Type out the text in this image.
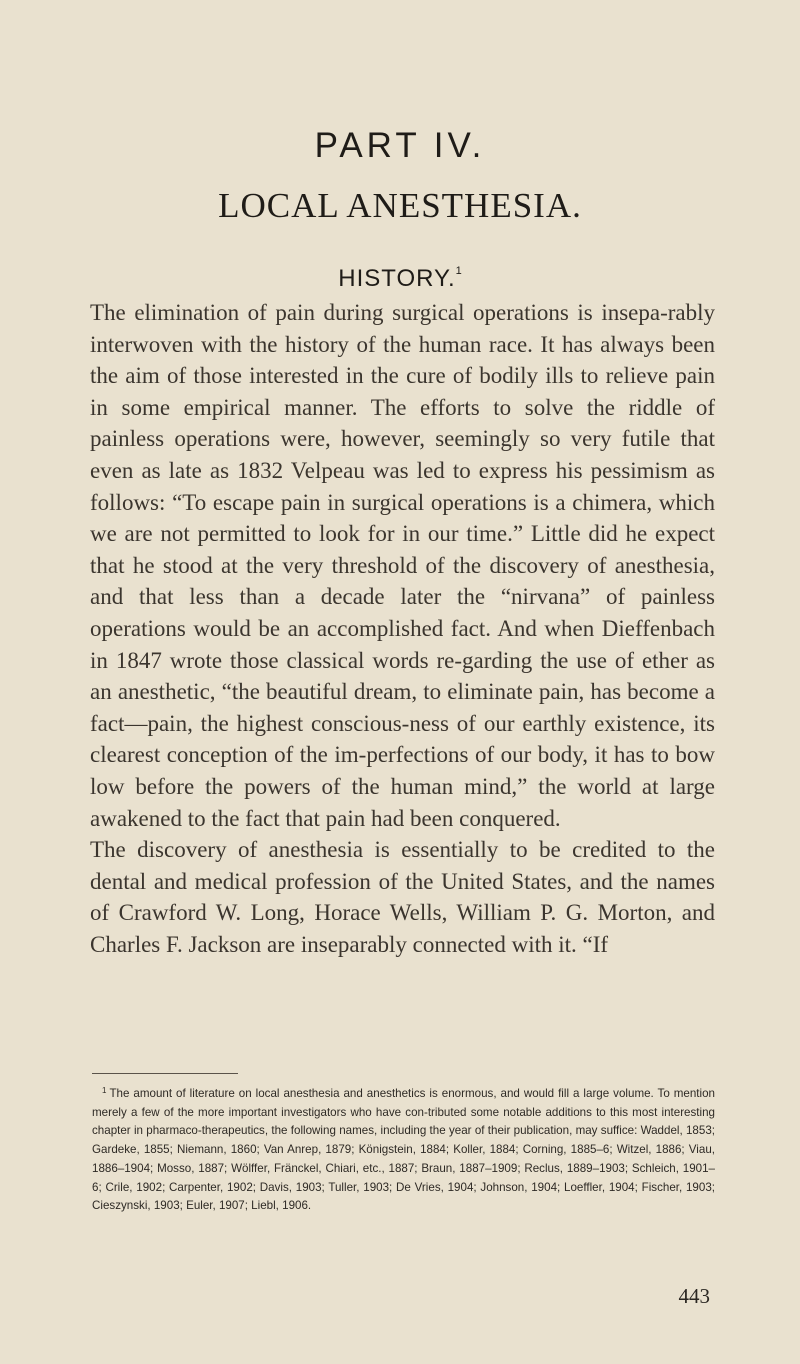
PART IV.
LOCAL ANESTHESIA.
HISTORY.$^1$

The elimination of pain during surgical operations is insepa-rably interwoven with the history of the human race. It has always been the aim of those interested in the cure of bodily ills to relieve pain in some empirical manner. The efforts to solve the riddle of painless operations were, however, seemingly so very futile that even as late as 1832 Velpeau was led to express his pessimism as follows: “To escape pain in surgical operations is a chimera, which we are not permitted to look for in our time.” Little did he expect that he stood at the very threshold of the discovery of anesthesia, and that less than a decade later the “nirvana” of painless operations would be an accomplished fact. And when Dieffenbach in 1847 wrote those classical words re-garding the use of ether as an anesthetic, “the beautiful dream, to eliminate pain, has become a fact—pain, the highest conscious-ness of our earthly existence, its clearest conception of the im-perfections of our body, it has to bow low before the powers of the human mind,” the world at large awakened to the fact that pain had been conquered.

The discovery of anesthesia is essentially to be credited to the dental and medical profession of the United States, and the names of Crawford W. Long, Horace Wells, William P. G. Morton, and Charles F. Jackson are inseparably connected with it. “If

$^1$ The amount of literature on local anesthesia and anesthetics is enormous, and would fill a large volume. To mention merely a few of the more important investigators who have con-tributed some notable additions to this most interesting chapter in pharmaco-therapeutics, the following names, including the year of their publication, may suffice: Waddel, 1853; Gardeke, 1855; Niemann, 1860; Van Anrep, 1879; Königstein, 1884; Koller, 1884; Corning, 1885–6; Witzel, 1886; Viau, 1886–1904; Mosso, 1887; Wölffer, Fränckel, Chiari, etc., 1887; Braun, 1887–1909; Reclus, 1889–1903; Schleich, 1901–6; Crile, 1902; Carpenter, 1902; Davis, 1903; Tuller, 1903; De Vries, 1904; Johnson, 1904; Loeffler, 1904; Fischer, 1903; Cieszynski, 1903; Euler, 1907; Liebl, 1906.
443
